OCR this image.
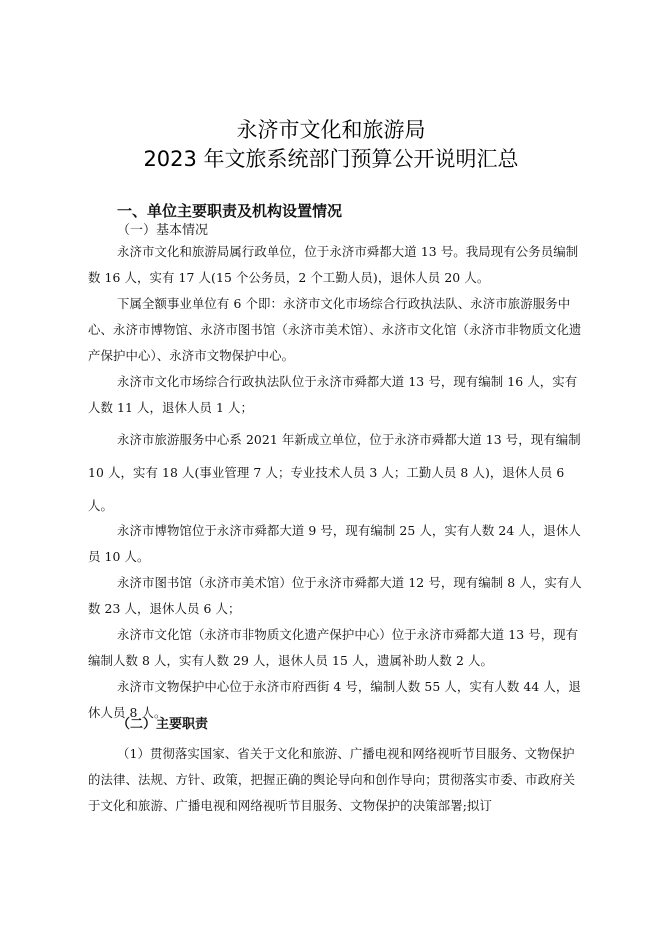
永济市文化和旅游局
2023 年文旅系统部门预算公开说明汇总
一、单位主要职责及机构设置情况
（一）基本情况

永济市文化和旅游局属行政单位，位于永济市舜都大道 13 号。我局现有公务员编制数 16 人，实有 17 人(15 个公务员，2 个工勤人员)，退休人员 20 人。

下属全额事业单位有 6 个即：永济市文化市场综合行政执法队、永济市旅游服务中心、永济市博物馆、永济市图书馆（永济市美术馆）、永济市文化馆（永济市非物质文化遗产保护中心）、永济市文物保护中心。

永济市文化市场综合行政执法队位于永济市舜都大道 13 号，现有编制 16 人，实有人数 11 人，退休人员 1 人；

永济市旅游服务中心系 2021 年新成立单位，位于永济市舜都大道 13 号，现有编制 10 人，实有 18 人(事业管理 7 人；专业技术人员 3 人；工勤人员 8 人)，退休人员 6 人。

永济市博物馆位于永济市舜都大道 9 号，现有编制 25 人，实有人数 24 人，退休人员 10 人。

永济市图书馆（永济市美术馆）位于永济市舜都大道 12 号，现有编制 8 人，实有人数 23 人，退休人员 6 人；

永济市文化馆（永济市非物质文化遗产保护中心）位于永济市舜都大道 13 号，现有编制人数 8 人，实有人数 29 人，退休人员 15 人，遗属补助人数 2 人。

永济市文物保护中心位于永济市府西街 4 号，编制人数 55 人，实有人数 44 人，退休人员 8 人。

（二）主要职责

（1）贯彻落实国家、省关于文化和旅游、广播电视和网络视听节目服务、文物保护的法律、法规、方针、政策，把握正确的舆论导向和创作导向；贯彻落实市委、市政府关于文化和旅游、广播电视和网络视听节目服务、文物保护的决策部署;拟订
